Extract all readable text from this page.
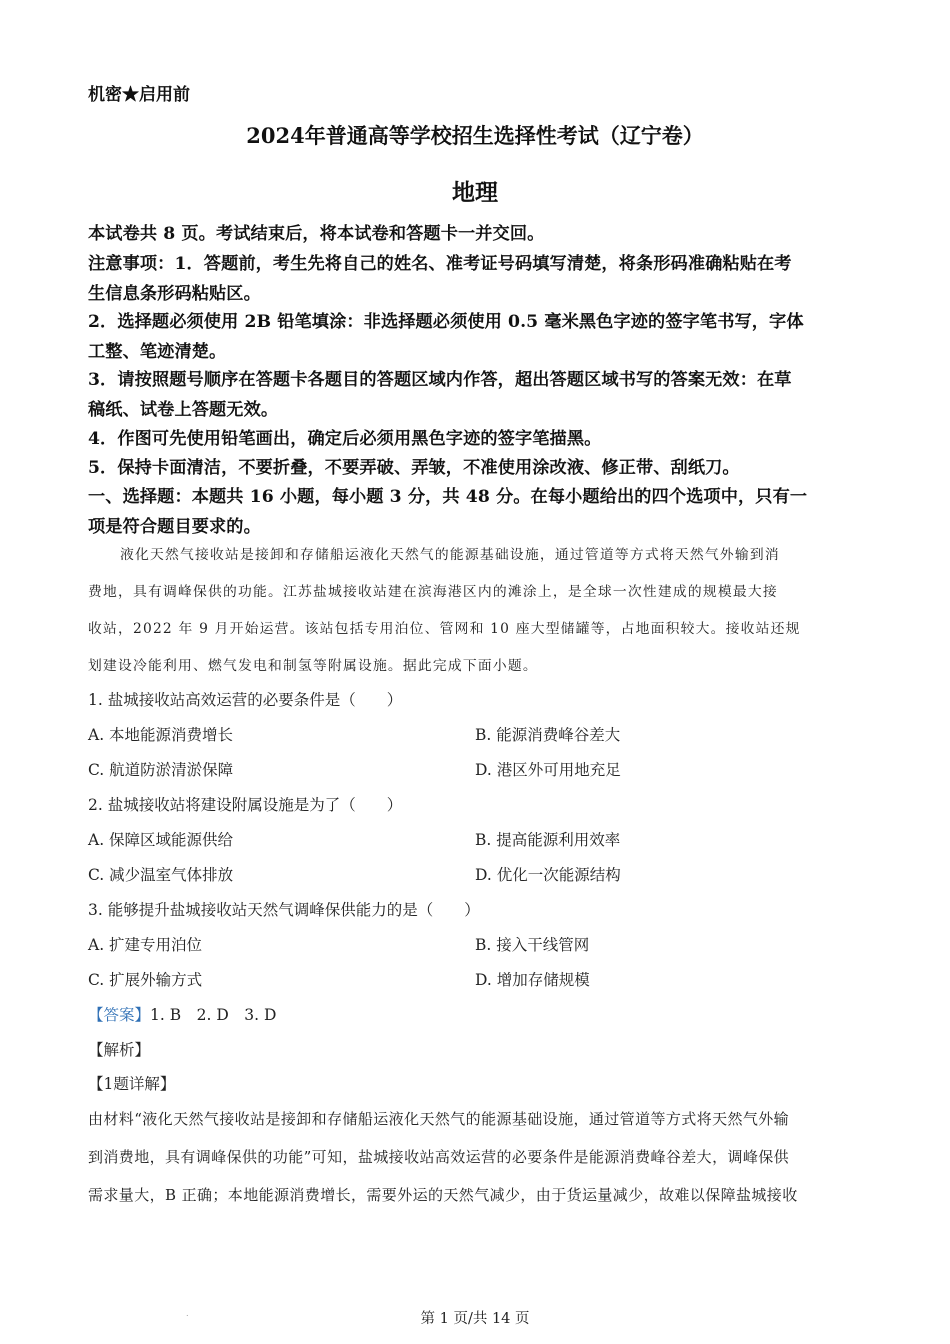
机密★启用前
2024年普通高等学校招生选择性考试（辽宁卷）
地理
本试卷共 8 页。考试结束后，将本试卷和答题卡一并交回。
注意事项：1．答题前，考生先将自己的姓名、准考证号码填写清楚，将条形码准确粘贴在考
生信息条形码粘贴区。
2．选择题必须使用 2B 铅笔填涂：非选择题必须使用 0.5 毫米黑色字迹的签字笔书写，字体
工整、笔迹清楚。
3．请按照题号顺序在答题卡各题目的答题区域内作答，超出答题区域书写的答案无效：在草
稿纸、试卷上答题无效。
4．作图可先使用铅笔画出，确定后必须用黑色字迹的签字笔描黑。
5．保持卡面清洁，不要折叠，不要弄破、弄皱，不准使用涂改液、修正带、刮纸刀。
一、选择题：本题共 16 小题，每小题 3 分，共 48 分。在每小题给出的四个选项中，只有一
项是符合题目要求的。
液化天然气接收站是接卸和存储船运液化天然气的能源基础设施，通过管道等方式将天然气外输到消
费地，具有调峰保供的功能。江苏盐城接收站建在滨海港区内的滩涂上，是全球一次性建成的规模最大接
收站，2022 年 9 月开始运营。该站包括专用泊位、管网和 10 座大型储罐等，占地面积较大。接收站还规
划建设冷能利用、燃气发电和制氢等附属设施。据此完成下面小题。
1. 盐城接收站高效运营的必要条件是（　　）
A. 本地能源消费增长	B. 能源消费峰谷差大
C. 航道防淤清淤保障	D. 港区外可用地充足
2. 盐城接收站将建设附属设施是为了（　　）
A. 保障区域能源供给	B. 提高能源利用效率
C. 减少温室气体排放	D. 优化一次能源结构
3. 能够提升盐城接收站天然气调峰保供能力的是（　　）
A. 扩建专用泊位	B. 接入干线管网
C. 扩展外输方式	D. 增加存储规模
【答案】1. B　2. D　3. D
【解析】
【1题详解】
由材料“液化天然气接收站是接卸和存储船运液化天然气的能源基础设施，通过管道等方式将天然气外输
到消费地，具有调峰保供的功能”可知，盐城接收站高效运营的必要条件是能源消费峰谷差大，调峰保供
需求量大，B 正确；本地能源消费增长，需要外运的天然气减少，由于货运量减少，故难以保障盐城接收
.	第 1 页/共 14 页
